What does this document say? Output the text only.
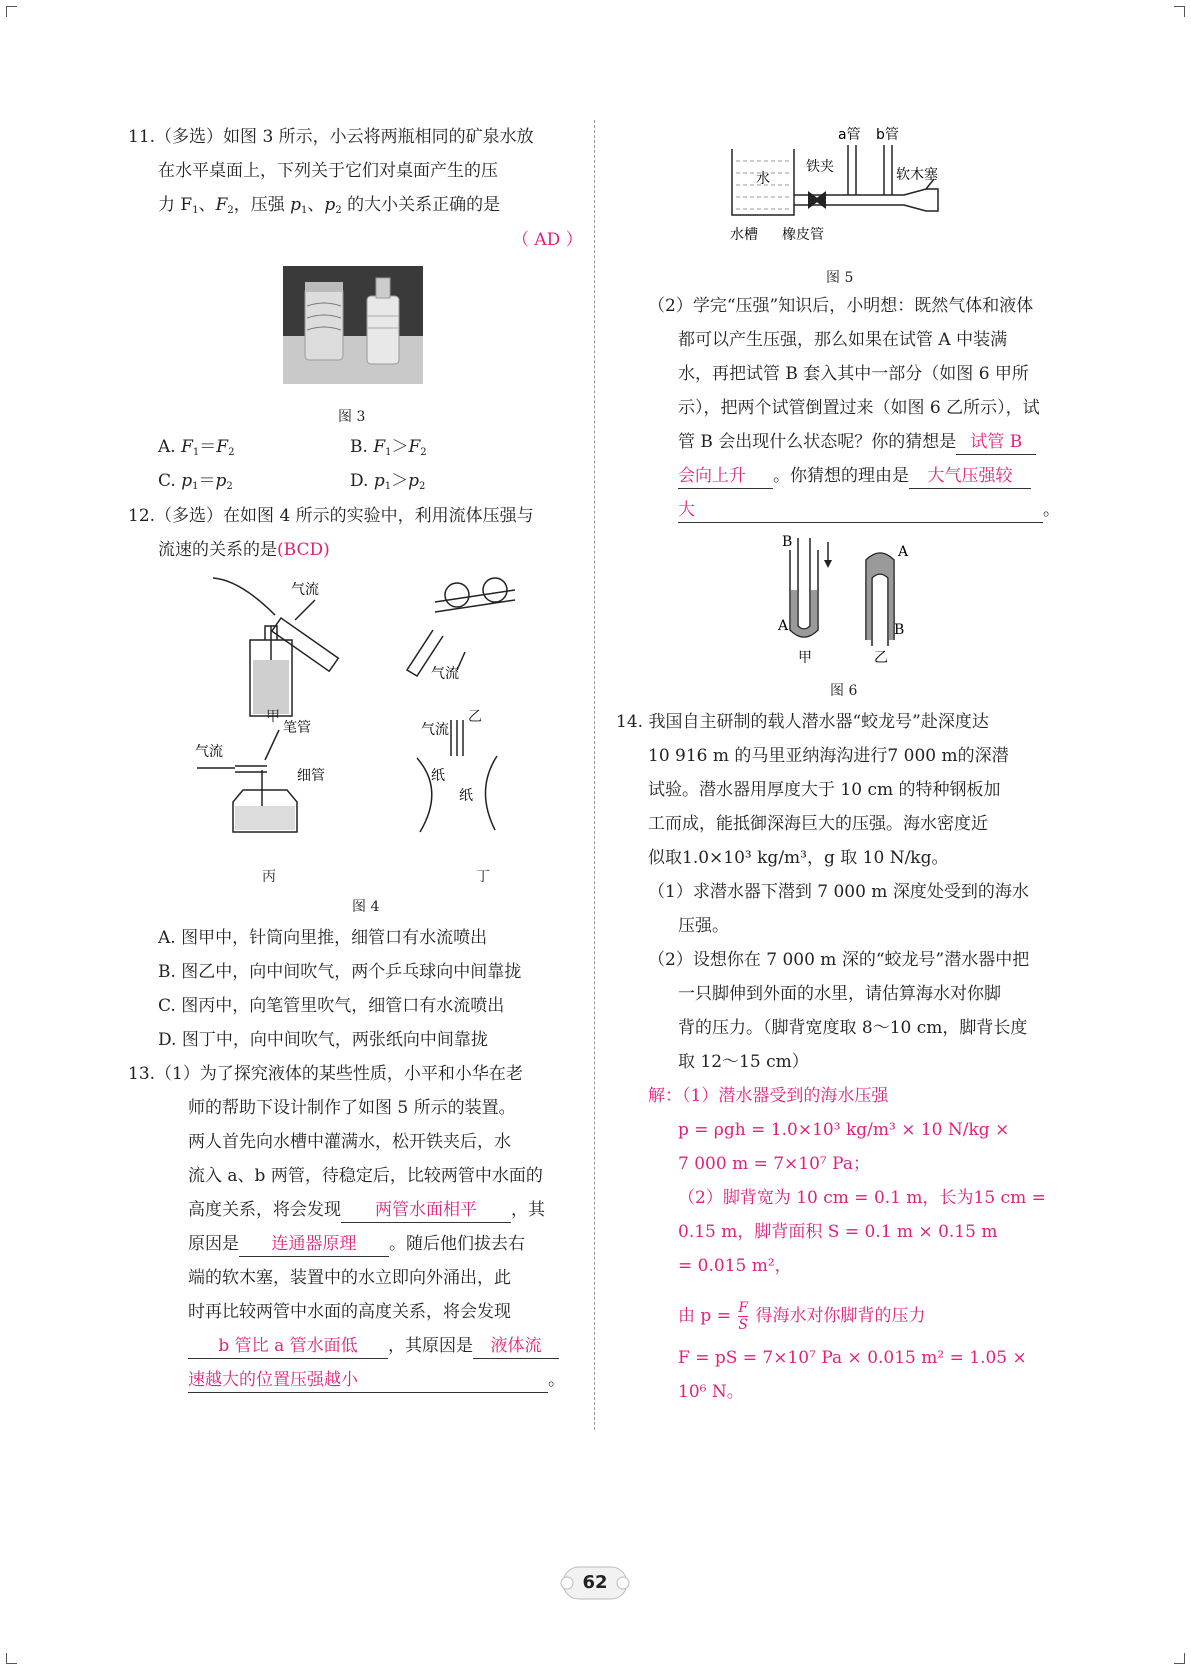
11.（多选）如图 3 所示，小云将两瓶相同的矿泉水放
在水平桌面上，下列关于它们对桌面产生的压
力 $F_1$、$F_2$，压强 $p_1$、$p_2$ 的大小关系正确的是
（ AD ）
图 3
A. $F_1=F_2$	B. $F_1>F_2$
C. $p_1=p_2$	D. $p_1>p_2$
12.（多选）在如图 4 所示的实验中，利用流体压强与
流速的关系的是(BCD)
气流
气流
气流
笔管
细管
气流
纸
纸
甲	乙
丙	丁
图 4
A. 图甲中，针筒向里推，细管口有水流喷出
B. 图乙中，向中间吹气，两个乒乓球向中间靠拢
C. 图丙中，向笔管里吹气，细管口有水流喷出
D. 图丁中，向中间吹气，两张纸向中间靠拢
13.（1）为了探究液体的某些性质，小平和小华在老
师的帮助下设计制作了如图 5 所示的装置。
两人首先向水槽中灌满水，松开铁夹后，水
流入 a、b 两管，待稳定后，比较两管中水面的
高度关系，将会发现 两管水面相平 ，其
原因是 连通器原理 。随后他们拔去右
端的软木塞，装置中的水立即向外涌出，此
时再比较两管中水面的高度关系，将会发现
b 管比 a 管水面低 ，其原因是 液体流
速越大的位置压强越小	。
a管 b管
铁夹
水	软木塞
水槽 橡皮管
图 5
（2）学完“压强”知识后，小明想：既然气体和液体
都可以产生压强，那么如果在试管 A 中装满
水，再把试管 B 套入其中一部分（如图 6 甲所
示），把两个试管倒置过来（如图 6 乙所示），试
管 B 会出现什么状态呢？你的猜想是 试管 B
会向上升 。你猜想的理由是 大气压强较
大	。
B
A
A
B
甲	乙
图 6
14. 我国自主研制的载人潜水器“蛟龙号”赴深度达
10 916 m 的马里亚纳海沟进行7 000 m的深潜
试验。潜水器用厚度大于 10 cm 的特种钢板加
工而成，能抵御深海巨大的压强。海水密度近
似取1.0×10³ kg/m³，g 取 10 N/kg。
（1）求潜水器下潜到 7 000 m 深度处受到的海水
压强。
（2）设想你在 7 000 m 深的“蛟龙号”潜水器中把
一只脚伸到外面的水里，请估算海水对你脚
背的压力。（脚背宽度取 8～10 cm，脚背长度
取 12～15 cm）
解：（1）潜水器受到的海水压强
p = ρgh = 1.0×10³ kg/m³ × 10 N/kg ×
7 000 m = 7×10⁷ Pa；
（2）脚背宽为 10 cm = 0.1 m，长为15 cm =
0.15 m，脚背面积 S = 0.1 m × 0.15 m
= 0.015 m²，
由 $p = \frac{F}{S}$ 得海水对你脚背的压力
F = pS = 7×10⁷ Pa × 0.015 m² = 1.05 ×
10⁶ N。
62
